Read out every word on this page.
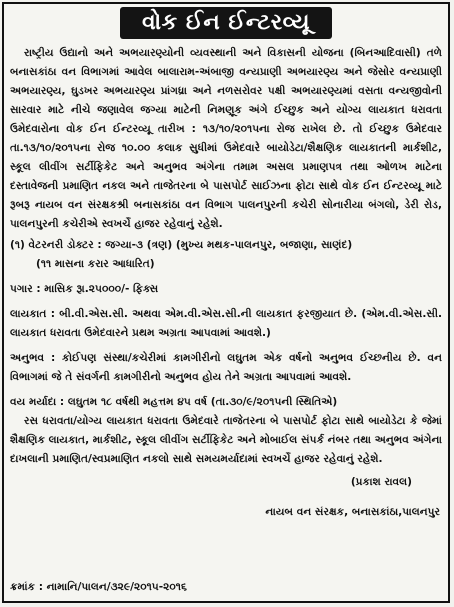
વોક ઈન ઈન્ટરવ્યૂ

રાષ્ટ્રીય ઉદ્યાનો અને અભયારણ્યોની વ્યવસ્થાની અને વિકાસની યોજના (બિનઆદિવાસી) તળે બનાસકાંઠા વન વિભાગમાં આવેલ બાલારામ-અંબાજી વન્યપ્રાણી અભયારણ્ય અને જેસોર વન્યપ્રાણી અભયારણ્ય, ઘુડખર અભયારણ્ય પ્રાંગધ્રા અને નળસરોવર પક્ષી અભયારણ્યમાં વસતા વન્યજીવોની સારવાર માટે નીચે જણાવેલ જગ્યા માટેની નિમણૂક અંગે ઈચ્છુક અને યોગ્ય લાયકાત ધરાવતા ઉમેદવારોના વોક ઈન ઈન્ટરવ્યૂ તારીખ : ૧૩/૧૦/૨૦૧૫ના રોજ રાખેલ છે. તો ઈચ્છુક ઉમેદવાર તા.૧૩/૧૦/૨૦૧૫ના રોજ ૧૦.૦૦ કલાક સુધીમાં ઉમેદવારે બાયોડેટા/શૈક્ષણિક લાયકાતની માર્કશીટ, સ્કૂલ લીવીંગ સર્ટીફિકેટ અને અનુભવ અંગેના તમામ અસલ પ્રમાણપત્ર તથા ઓળખ માટેના દસ્તાવેજની પ્રમાણિત નકલ અને તાજેતરના બે પાસપોર્ટ સાઈઝના ફોટા સાથે વોક ઈન ઈન્ટરવ્યૂ માટે રૂબરૂ નાયબ વન સંરક્ષકશ્રી બનાસકાંઠા વન વિભાગ પાલનપુરની કચેરી સોનારીયા બંગલો, ડેરી રોડ, પાલનપુરની કચેરીએ સ્વખર્ચે હાજર રહેવાનું રહેશે.

(૧) વેટરનરી ડોક્ટર : જગ્યા-૩ (ત્રણ) (મુખ્ય મથક-પાલનપુર, બજાણા, સાણંદ)

(૧૧ માસના કરાર આધારિત)

પગાર : માસિક રૂા.૨૫૦૦૦/- ફિક્સ

લાયકાત : બી.વી.એસ.સી. અથવા એમ.વી.એસ.સી.ની લાયકાત ફરજીયાત છે. (એમ.વી.એસ.સી. લાયકાત ધરાવતા ઉમેદવારને પ્રથમ અગ્રતા આપવામાં આવશે.)

અનુભવ : કોઈપણ સંસ્થા/કચેરીમાં કામગીરીનો લઘુતમ એક વર્ષનો અનુભવ ઈચ્છનીય છે. વન વિભાગમાં જે તે સંવર્ગની કામગીરીનો અનુભવ હોય તેને અગ્રતા આપવામાં આવશે.

વય મર્યાદા : લઘુતમ ૧૮ વર્ષથી મહત્તમ ૪૫ વર્ષ (તા.૩૦/૯/૨૦૧૫ની સ્થિતિએ)

રસ ધરાવતા/યોગ્ય લાયકાત ધરાવતા ઉમેદવારે તાજેતરના બે પાસપોર્ટ ફોટા સાથે બાયોડેટા કે જેમાં શૈક્ષણિક લાયકાત, માર્કશીટ, સ્કૂલ લીવીંગ સર્ટીફિકેટ અને મોબાઈલ સંપર્ક નંબર તથા અનુભવ અંગેના દાખલાની પ્રમાણિત/સ્વપ્રમાણિત નકલો સાથે સમયમર્યાદામાં સ્વખર્ચે હાજર રહેવાનું રહેશે.

(પ્રકાશ રાવલ)

નાયબ વન સંરક્ષક, બનાસકાંઠા,પાલનપુર

ક્રમાંક : નામાનિ/પાલન/૩૨૯/૨૦૧૫-૨૦૧૬
